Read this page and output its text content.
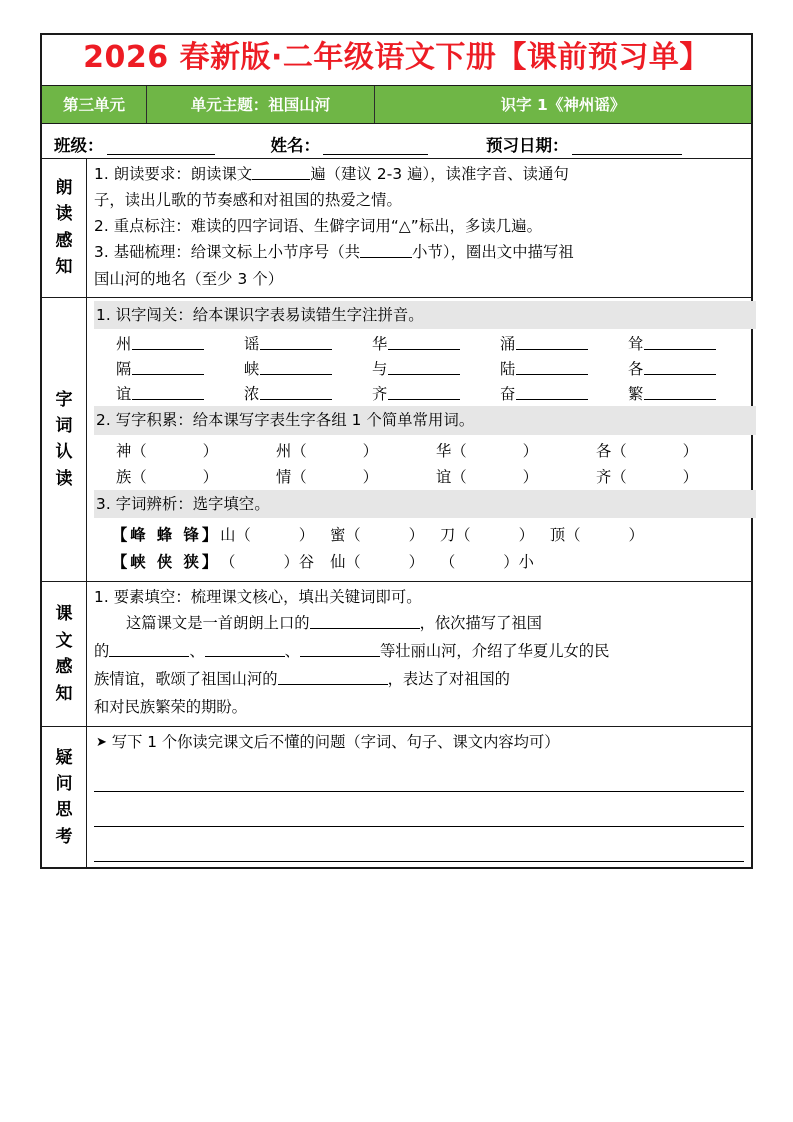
2026 春新版·二年级语文下册【课前预习单】
第三单元	单元主题：祖国山河	识字 1《神州谣》
班级：	姓名：	预习日期：
朗
读
感
知
1. 朗读要求：朗读课文	遍（建议 2-3 遍），读准字音、读通句
子，读出儿歌的节奏感和对祖国的热爱之情。
2. 重点标注：难读的四字词语、生僻字词用“△”标出，多读几遍。
3. 基础梳理：给课文标上小节序号（共	小节），圈出文中描写祖
国山河的地名（至少 3 个）
字
词
认
读
1. 识字闯关：给本课识字表易读错生字注拼音。
州	谣	华	涌	耸
隔	峡	与	陆	各
谊	浓	齐	奋	繁
2. 写字积累：给本课写字表生字各组 1 个简单常用词。
神（	）	州（	）	华（	）	各（	）
族（	）	情（	）	谊（	）	齐（	）
3. 字词辨析：选字填空。
【峰 蜂 锋】山（	） 蜜（	） 刀（	） 顶（	）
【峡 侠 狭】（	）谷 仙（	） （	）小
课
文
感
知
1. 要素填空：梳理课文核心，填出关键词即可。
这篇课文是一首朗朗上口的	，依次描写了祖国
的	、	、	等壮丽山河，介绍了华夏儿女的民
族情谊，歌颂了祖国山河的	，表达了对祖国的
和对民族繁荣的期盼。
疑
问
思
考
➤ 写下 1 个你读完课文后不懂的问题（字词、句子、课文内容均可）
